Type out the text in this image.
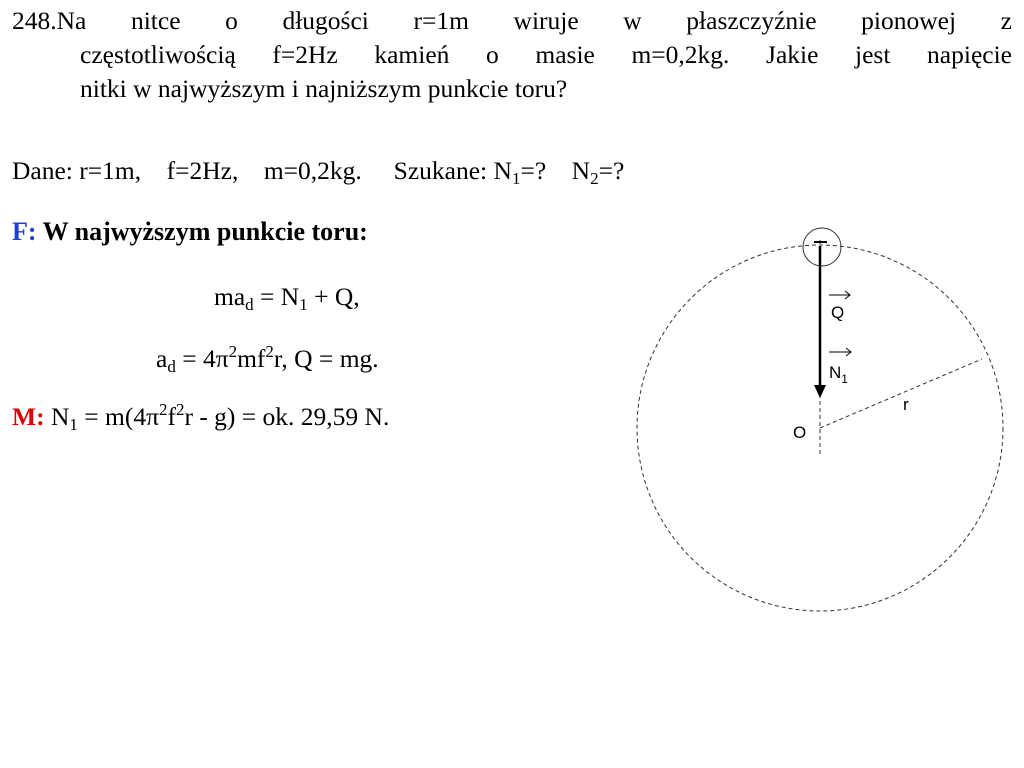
248.Na nitce o długości r=1m wiruje w płaszczyźnie pionowej z
częstotliwością f=2Hz kamień o masie m=0,2kg. Jakie jest napięcie
nitki w najwyższym i najniższym punkcie toru?
Dane: r=1m,    f=2Hz,    m=0,2kg.     Szukane: $N_1=$?    $N_2=$?
F: W najwyższym punkcie toru:
$ma_d = N_1 + Q$,
$a_d = 4\pi^2mf^2r$, Q = mg.
M: $N_1 = m(4\pi^2f^2r - g)$ = ok. 29,59 N.
Q
$N_1$
r
O
